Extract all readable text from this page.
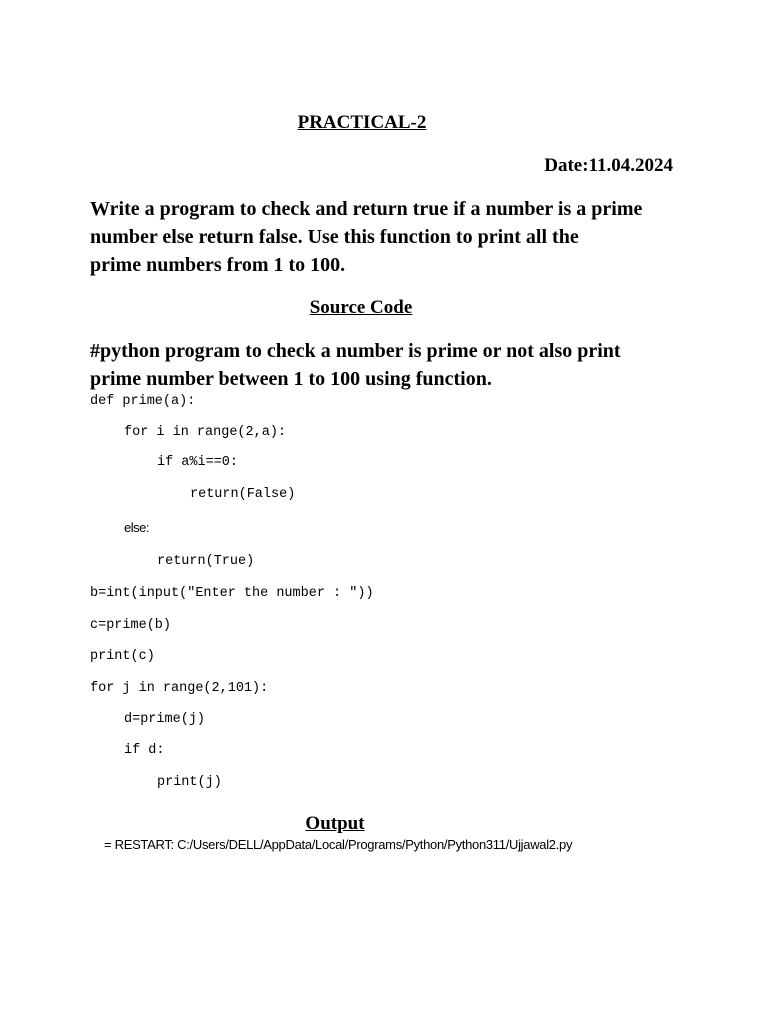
PRACTICAL-2
Date:11.04.2024
Write a program to check and return true if a number is a prime
number else return false. Use this function to print all the
prime numbers from 1 to 100.
Source Code
#python program to check a number is prime or not also print
prime number between 1 to 100 using function.
def prime(a):
for i in range(2,a):
if a%i==0:
return(False)
else:
return(True)
b=int(input("Enter the number : "))
c=prime(b)
print(c)
for j in range(2,101):
d=prime(j)
if d:
print(j)
Output
= RESTART: C:/Users/DELL/AppData/Local/Programs/Python/Python311/Ujjawal2.py
